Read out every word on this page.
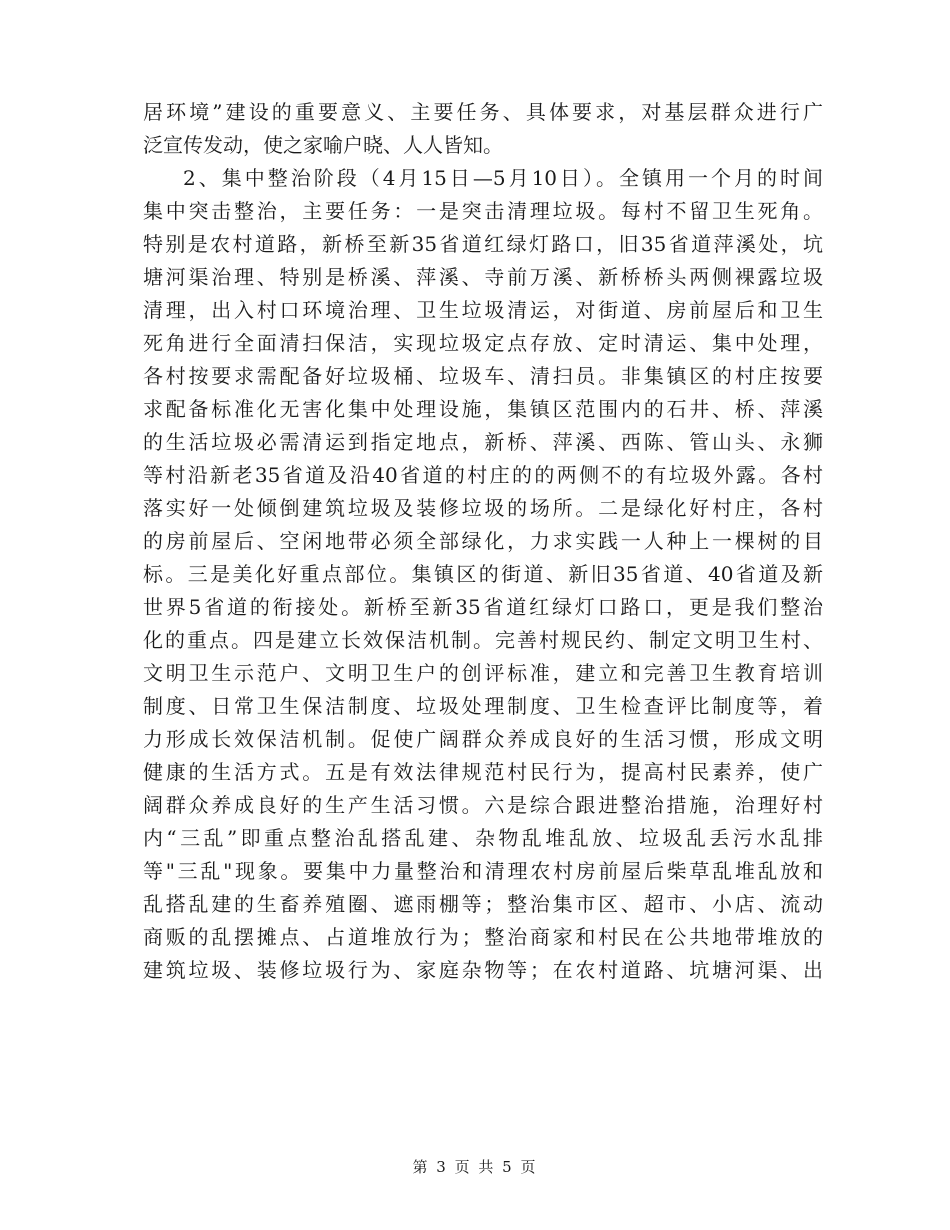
居环境”建设的重要意义、主要任务、具体要求，对基层群众进行广
泛宣传发动，使之家喻户晓、人人皆知。
2、集中整治阶段（4月15日—5月10日）。全镇用一个月的时间
集中突击整治，主要任务：一是突击清理垃圾。每村不留卫生死角。
特别是农村道路，新桥至新35省道红绿灯路口，旧35省道萍溪处，坑
塘河渠治理、特别是桥溪、萍溪、寺前万溪、新桥桥头两侧裸露垃圾
清理，出入村口环境治理、卫生垃圾清运，对街道、房前屋后和卫生
死角进行全面清扫保洁，实现垃圾定点存放、定时清运、集中处理，
各村按要求需配备好垃圾桶、垃圾车、清扫员。非集镇区的村庄按要
求配备标准化无害化集中处理设施，集镇区范围内的石井、桥、萍溪
的生活垃圾必需清运到指定地点，新桥、萍溪、西陈、管山头、永狮
等村沿新老35省道及沿40省道的村庄的的两侧不的有垃圾外露。各村
落实好一处倾倒建筑垃圾及装修垃圾的场所。二是绿化好村庄，各村
的房前屋后、空闲地带必须全部绿化，力求实践一人种上一棵树的目
标。三是美化好重点部位。集镇区的街道、新旧35省道、40省道及新
世界5省道的衔接处。新桥至新35省道红绿灯口路口，更是我们整治
化的重点。四是建立长效保洁机制。完善村规民约、制定文明卫生村、
文明卫生示范户、文明卫生户的创评标准，建立和完善卫生教育培训
制度、日常卫生保洁制度、垃圾处理制度、卫生检查评比制度等，着
力形成长效保洁机制。促使广阔群众养成良好的生活习惯，形成文明
健康的生活方式。五是有效法律规范村民行为，提高村民素养，使广
阔群众养成良好的生产生活习惯。六是综合跟进整治措施，治理好村
内“三乱”即重点整治乱搭乱建、杂物乱堆乱放、垃圾乱丢污水乱排
等"三乱"现象。要集中力量整治和清理农村房前屋后柴草乱堆乱放和
乱搭乱建的生畜养殖圈、遮雨棚等；整治集市区、超市、小店、流动
商贩的乱摆摊点、占道堆放行为；整治商家和村民在公共地带堆放的
建筑垃圾、装修垃圾行为、家庭杂物等；在农村道路、坑塘河渠、出
第 3 页 共 5 页
